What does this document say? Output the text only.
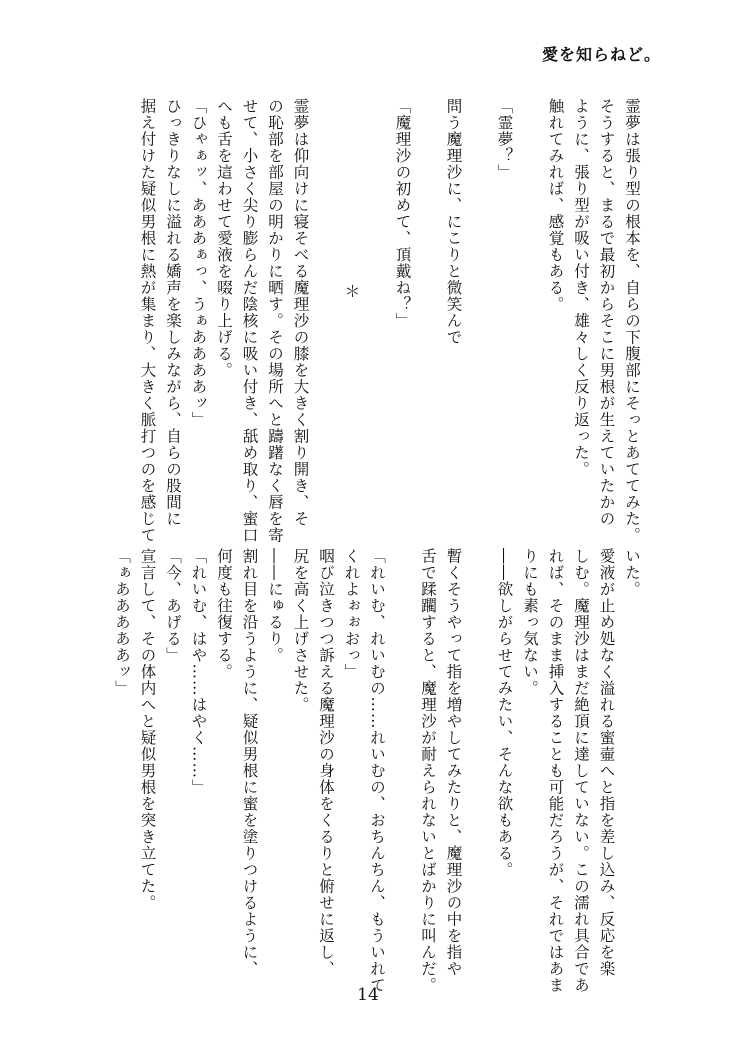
愛を知らねど。
霊夢は張り型の根本を、自らの下腹部にそっとあててみた。
そうすると、まるで最初からそこに男根が生えていたかの
ように、張り型が吸い付き、雄々しく反り返った。
触れてみれば、感覚もある。
「霊夢？」
問う魔理沙に、にこりと微笑んで
「魔理沙の初めて、頂戴ね？」
＊
霊夢は仰向けに寝そべる魔理沙の膝を大きく割り開き、そ
の恥部を部屋の明かりに晒す。その場所へと躊躇なく唇を寄
せて、小さく尖り膨らんだ陰核に吸い付き、舐め取り、蜜口
へも舌を這わせて愛液を啜り上げる。
「ひゃぁッ、あああぁっ、うぁああああッ」
ひっきりなしに溢れる嬌声を楽しみながら、自らの股間に
据え付けた疑似男根に熱が集まり、大きく脈打つのを感じて
いた。
愛液が止め処なく溢れる蜜壷へと指を差し込み、反応を楽
しむ。魔理沙はまだ絶頂に達していない。この濡れ具合であ
れば、そのまま挿入することも可能だろうが、それではあま
りにも素っ気ない。
――欲しがらせてみたい、そんな欲もある。
暫くそうやって指を増やしてみたりと、魔理沙の中を指や
舌で蹂躙すると、魔理沙が耐えられないとばかりに叫んだ。
「れいむ、れいむの……れいむの、おちんちん、もういれて
くれよぉぉおっ」
咽び泣きつつ訴える魔理沙の身体をくるりと俯せに返し、
尻を高く上げさせた。
――にゅるり。
割れ目を沿うように、疑似男根に蜜を塗りつけるように、
何度も往復する。
「れいむ、はや……はやく……」
「今、あげる」
宣言して、その体内へと疑似男根を突き立てた。
「ぁあああああッ」
14
